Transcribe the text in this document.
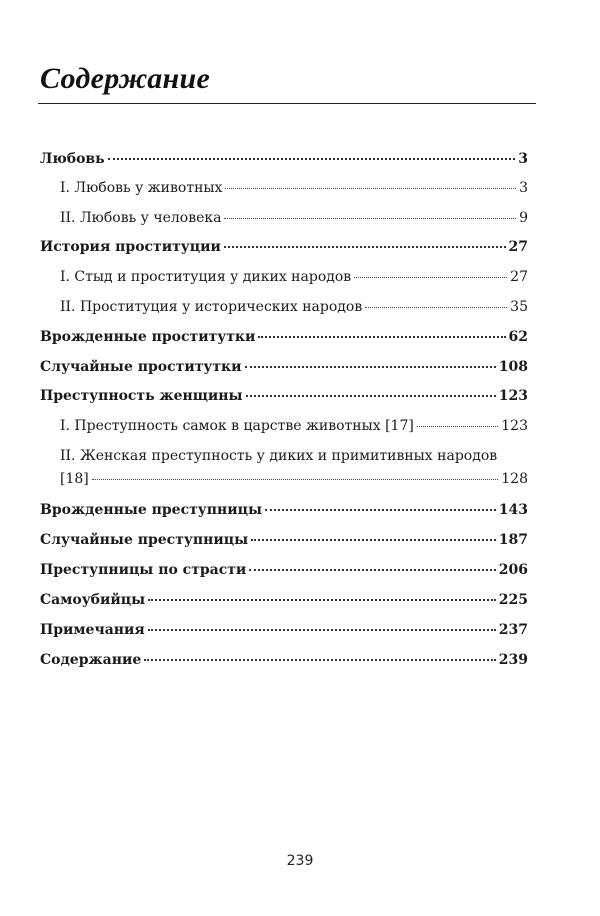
Содержание
Любовь	3
I. Любовь у животных	3
II. Любовь у человека	9
История проституции	27
I. Стыд и проституция у диких народов	27
II. Проституция у исторических народов	35
Врожденные проститутки	62
Случайные проститутки	108
Преступность женщины	123
I. Преступность самок в царстве животных [17]	123
II. Женская преступность у диких и примитивных народов
[18]	128
Врожденные преступницы	143
Случайные преступницы	187
Преступницы по страсти	206
Самоубийцы	225
Примечания	237
Содержание	239
239
